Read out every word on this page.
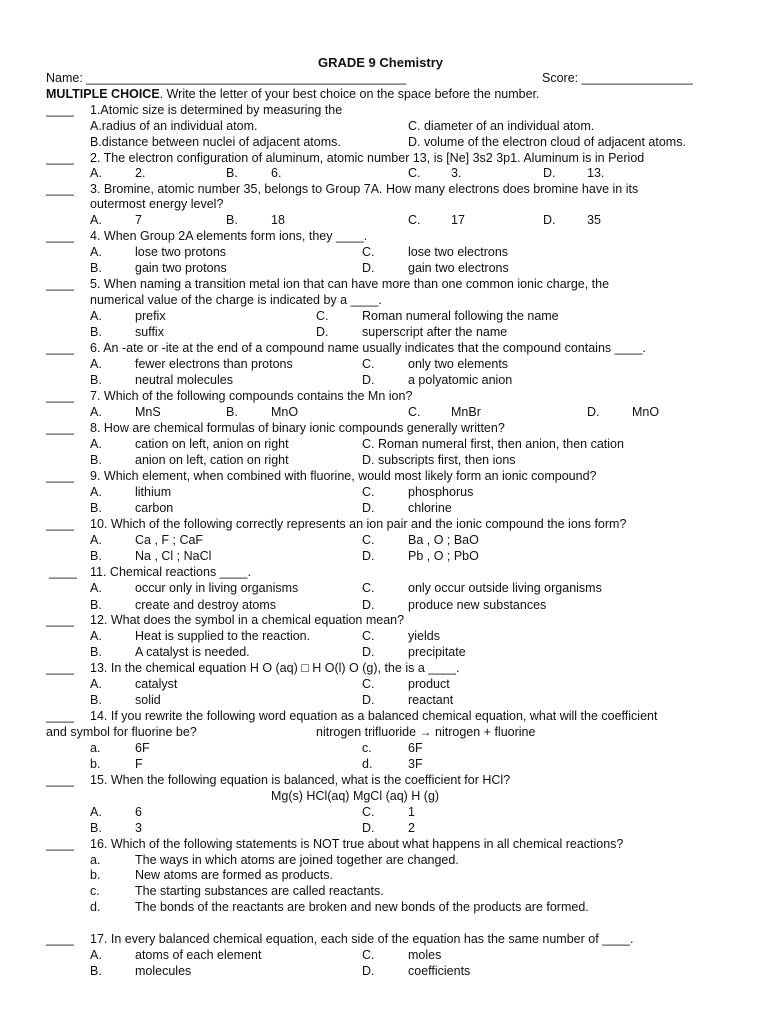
GRADE 9 Chemistry
Name: ______________________________________________	Score: ________________
MULTIPLE CHOICE. Write the letter of your best choice on the space before the number.
____ 1.Atomic size is determined by measuring the
A.radius of an individual atom.	C. diameter of an individual atom.
B.distance between nuclei of adjacent atoms.	D. volume of the electron cloud of adjacent atoms.
____ 2. The electron configuration of aluminum, atomic number 13, is [Ne] 3s2 3p1. Aluminum is in Period
A.	2.	B.	6.	C. 3.	D.	13.
____ 3. Bromine, atomic number 35, belongs to Group 7A. How many electrons does bromine have in its
outermost energy level?
A.	7	B.	18	C. 17	D.	35
____ 4. When Group 2A elements form ions, they ____.
A.	lose two protons	C.	lose two electrons
B.	gain two protons	D.	gain two electrons
____ 5. When naming a transition metal ion that can have more than one common ionic charge, the
numerical value of the charge is indicated by a ____.
A.	prefix	C.	Roman numeral following the name
B.	suffix	D.	superscript after the name
____ 6. An -ate or -ite at the end of a compound name usually indicates that the compound contains ____.
A.	fewer electrons than protons	C.	only two elements
B.	neutral molecules	D.	a polyatomic anion
____ 7. Which of the following compounds contains the Mn ion?
A.	MnS	B.	MnO	C. MnBr	D.	MnO
____ 8. How are chemical formulas of binary ionic compounds generally written?
A.	cation on left, anion on right	C. Roman numeral first, then anion, then cation
B.	anion on left, cation on right	D. subscripts first, then ions
____ 9. Which element, when combined with fluorine, would most likely form an ionic compound?
A.	lithium	C.	phosphorus
B.	carbon	D.	chlorine
____ 10. Which of the following correctly represents an ion pair and the ionic compound the ions form?
A.	Ca , F ; CaF	C.	Ba , O ; BaO
B.	Na , Cl ; NaCl	D.	Pb , O ; PbO
____ 11. Chemical reactions ____.
A.	occur only in living organisms	C.	only occur outside living organisms
B.	create and destroy atoms	D.	produce new substances
____ 12. What does the symbol in a chemical equation mean?
A.	Heat is supplied to the reaction.	C.	yields
B.	A catalyst is needed.	D.	precipitate
____ 13. In the chemical equation H O (aq) □ H O(l) O (g), the is a ____.
A.	catalyst	C.	product
B.	solid	D.	reactant
____ 14. If you rewrite the following word equation as a balanced chemical equation, what will the coefficient
and symbol for fluorine be?	nitrogen trifluoride → nitrogen + fluorine
a.	6F	c.	6F
b.	F	d.	3F
____ 15. When the following equation is balanced, what is the coefficient for HCl?
Mg(s) HCl(aq) MgCl (aq) H (g)
A.	6	C.	1
B.	3	D.	2
____ 16. Which of the following statements is NOT true about what happens in all chemical reactions?
a.	The ways in which atoms are joined together are changed.
b.	New atoms are formed as products.
c.	The starting substances are called reactants.
d.	The bonds of the reactants are broken and new bonds of the products are formed.
____ 17. In every balanced chemical equation, each side of the equation has the same number of ____.
A.	atoms of each element	C.	moles
B.	molecules	D.	coefficients
